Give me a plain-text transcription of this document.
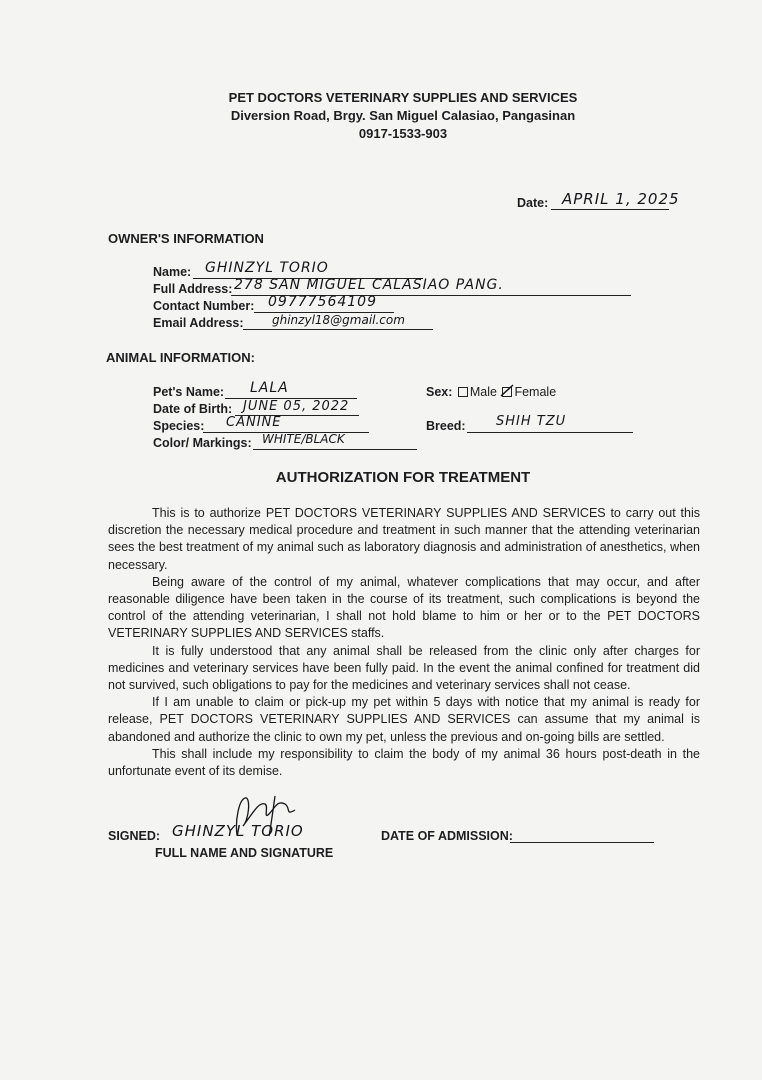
PET DOCTORS VETERINARY SUPPLIES AND SERVICES
Diversion Road, Brgy. San Miguel Calasiao, Pangasinan
0917-1533-903
Date: APRIL 1, 2025
OWNER'S INFORMATION
Name: GHINZYL TORIO
Full Address: 278 SAN MIGUEL CALASIAO PANG.
Contact Number: 09777564109
Email Address: ghinzyl18@gmail.com
ANIMAL INFORMATION:
Pet's Name: LALA
Date of Birth: JUNE 05, 2022
Species: CANINE
Color/ Markings: WHITE/BLACK
Sex: Male Female
Breed: SHIH TZU
AUTHORIZATION FOR TREATMENT

This is to authorize PET DOCTORS VETERINARY SUPPLIES AND SERVICES to carry out this discretion the necessary medical procedure and treatment in such manner that the attending veterinarian sees the best treatment of my animal such as laboratory diagnosis and administration of anesthetics, when necessary.

Being aware of the control of my animal, whatever complications that may occur, and after reasonable diligence have been taken in the course of its treatment, such complications is beyond the control of the attending veterinarian, I shall not hold blame to him or her or to the PET DOCTORS VETERINARY SUPPLIES AND SERVICES staffs.

It is fully understood that any animal shall be released from the clinic only after charges for medicines and veterinary services have been fully paid. In the event the animal confined for treatment did not survived, such obligations to pay for the medicines and veterinary services shall not cease.

If I am unable to claim or pick-up my pet within 5 days with notice that my animal is ready for release, PET DOCTORS VETERINARY SUPPLIES AND SERVICES can assume that my animal is abandoned and authorize the clinic to own my pet, unless the previous and on-going bills are settled.

This shall include my responsibility to claim the body of my animal 36 hours post-death in the unfortunate event of its demise.

SIGNED: GHINZYL TORIO
FULL NAME AND SIGNATURE
DATE OF ADMISSION:
